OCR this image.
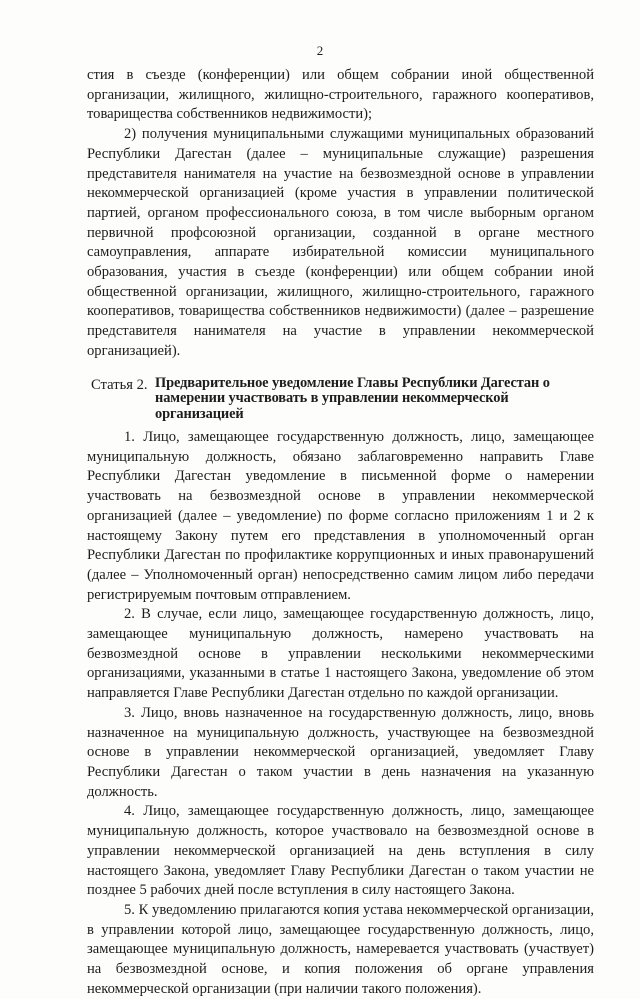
2

стия в съезде (конференции) или общем собрании иной общественной организации, жилищного, жилищно-строительного, гаражного кооперативов, товарищества собственников недвижимости);

2) получения муниципальными служащими муниципальных образований Республики Дагестан (далее – муниципальные служащие) разрешения представителя нанимателя на участие на безвозмездной основе в управлении некоммерческой организацией (кроме участия в управлении политической партией, органом профессионального союза, в том числе выборным органом первичной профсоюзной организации, созданной в органе местного самоуправления, аппарате избирательной комиссии муниципального образования, участия в съезде (конференции) или общем собрании иной общественной организации, жилищного, жилищно-строительного, гаражного кооперативов, товарищества собственников недвижимости) (далее – разрешение представителя нанимателя на участие в управлении некоммерческой организацией).

Статья 2. Предварительное уведомление Главы Республики Дагестан о намерении участвовать в управлении некоммерческой организацией

1. Лицо, замещающее государственную должность, лицо, замещающее муниципальную должность, обязано заблаговременно направить Главе Республики Дагестан уведомление в письменной форме о намерении участвовать на безвозмездной основе в управлении некоммерческой организацией (далее – уведомление) по форме согласно приложениям 1 и 2 к настоящему Закону путем его представления в уполномоченный орган Республики Дагестан по профилактике коррупционных и иных правонарушений (далее – Уполномоченный орган) непосредственно самим лицом либо передачи регистрируемым почтовым отправлением.

2. В случае, если лицо, замещающее государственную должность, лицо, замещающее муниципальную должность, намерено участвовать на безвозмездной основе в управлении несколькими некоммерческими организациями, указанными в статье 1 настоящего Закона, уведомление об этом направляется Главе Республики Дагестан отдельно по каждой организации.

3. Лицо, вновь назначенное на государственную должность, лицо, вновь назначенное на муниципальную должность, участвующее на безвозмездной основе в управлении некоммерческой организацией, уведомляет Главу Республики Дагестан о таком участии в день назначения на указанную должность.

4. Лицо, замещающее государственную должность, лицо, замещающее муниципальную должность, которое участвовало на безвозмездной основе в управлении некоммерческой организацией на день вступления в силу настоящего Закона, уведомляет Главу Республики Дагестан о таком участии не позднее 5 рабочих дней после вступления в силу настоящего Закона.

5. К уведомлению прилагаются копия устава некоммерческой организации, в управлении которой лицо, замещающее государственную должность, лицо, замещающее муниципальную должность, намеревается участвовать (участвует) на безвозмездной основе, и копия положения об органе управления некоммерческой организации (при наличии такого положения).
